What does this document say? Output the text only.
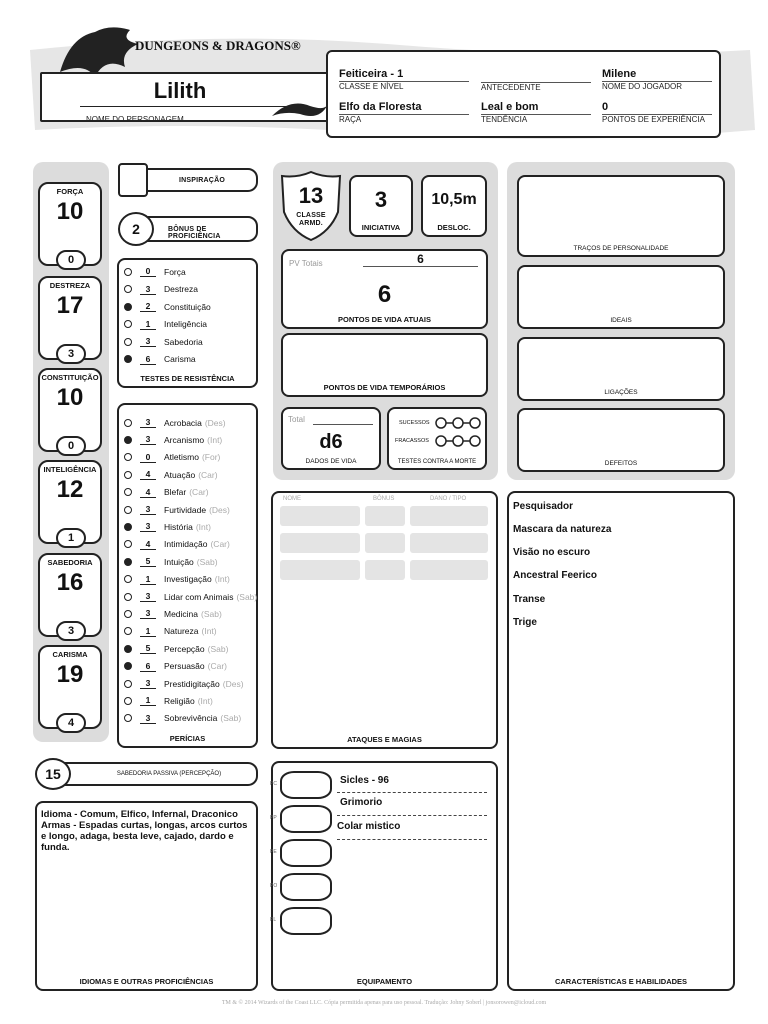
DUNGEONS & DRAGONS®
Lilith
NOME DO PERSONAGEM
Feiticeira - 1
CLASSE E NÍVEL	ANTECEDENTE
Milene
NOME DO JOGADOR
Elfo da Floresta
RAÇA
Leal e bom
TENDÊNCIA
0
PONTOS DE EXPERIÊNCIA
FORÇA
10
0
DESTREZA
17
3
CONSTITUIÇÃO
10
0
INTELIGÊNCIA
12
1
SABEDORIA
16
3
CARISMA
19
4
INSPIRAÇÃO
BÔNUS DE PROFICIÊNCIA
2
TESTES DE RESISTÊNCIA
0	Força
3	Destreza
2	Constituição
1	Inteligência
3	Sabedoria
6	Carisma
PERÍCIAS
3	Acrobacia (Des)
3	Arcanismo (Int)
0	Atletismo (For)
4	Atuação (Car)
4	Blefar (Car)
3	Furtividade (Des)
3	História (Int)
4	Intimidação (Car)
5	Intuição (Sab)
1	Investigação (Int)
3	Lidar com Animais (Sab)
3	Medicina (Sab)
1	Natureza (Int)
5	Percepção (Sab)
6	Persuasão (Car)
3	Prestidigitação (Des)
1	Religião (Int)
3	Sobrevivência (Sab)
SABEDORIA PASSIVA (PERCEPÇÃO)
15
Idioma - Comum, Elfico, Infernal, Draconico
Armas - Espadas curtas, longas, arcos curtos e longo, adaga, besta leve, cajado, dardo e funda.
IDIOMAS E OUTRAS PROFICIÊNCIAS
13
CLASSE
ARMD.
3
INICIATIVA
10,5m
DESLOC.
PV Totais	6
6
PONTOS DE VIDA ATUAIS
PONTOS DE VIDA TEMPORÁRIOS
Total
d6
DADOS DE VIDA
SUCESSOS
FRACASSOS
TESTES CONTRA A MORTE
NOME	BÔNUS	DANO / TIPO
ATAQUES E MAGIAS
EQUIPAMENTO
PC
PP
PE
PO
PL
Sicles - 96
Grimorio
Colar mistico
TRAÇOS DE PERSONALIDADE
IDEAIS
LIGAÇÕES
DEFEITOS
CARACTERÍSTICAS E HABILIDADES
Pesquisador
Mascara da natureza
Visão no escuro
Ancestral Feerico
Transe
Trige
TM & © 2014 Wizards of the Coast LLC. Cópia permitida apenas para uso pessoal. Tradução: Johny Soberl | jonsorowen@icloud.com
